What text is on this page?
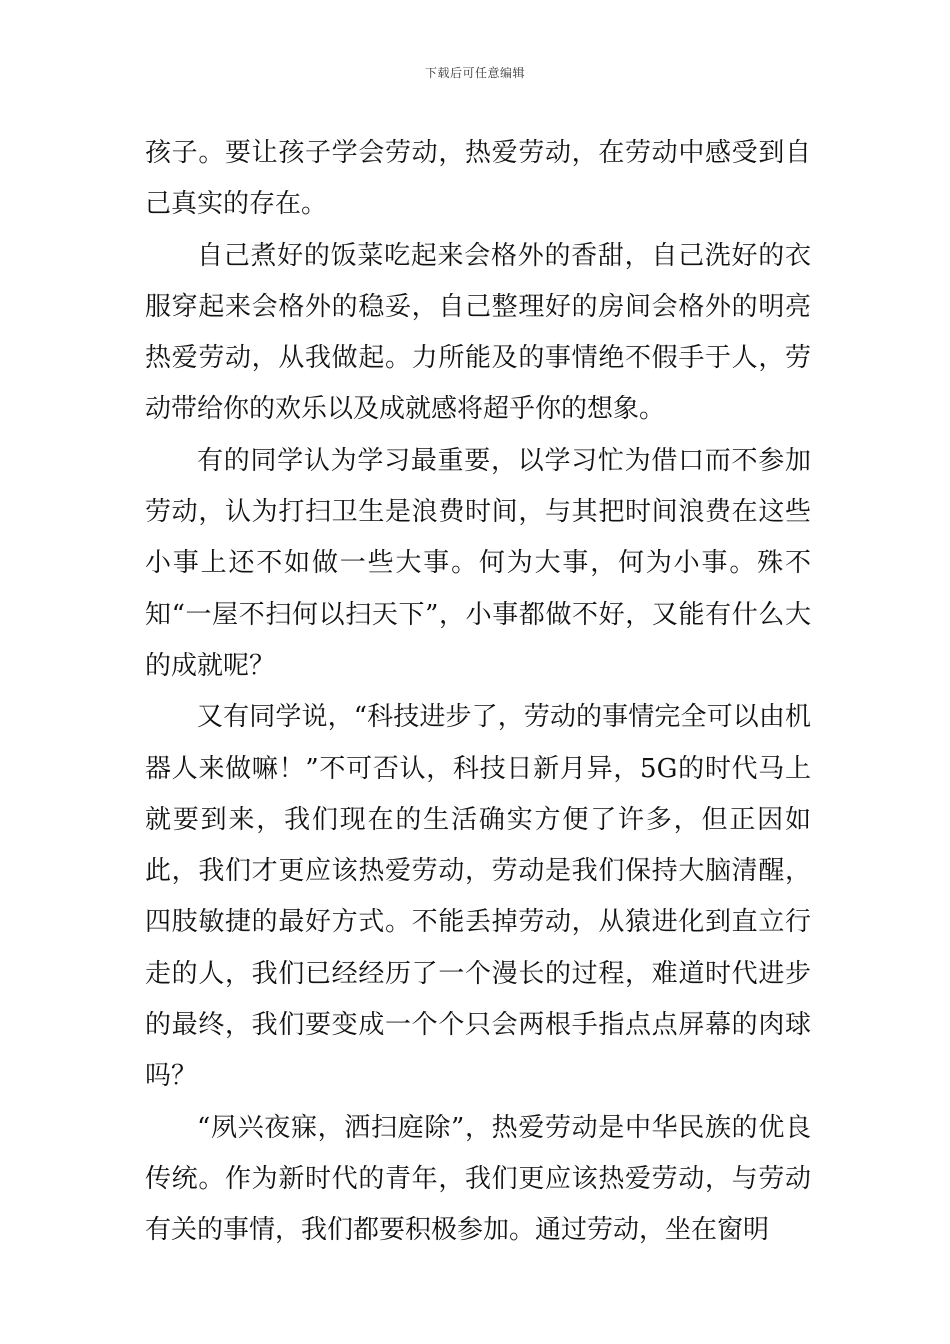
下载后可任意编辑

孩子。要让孩子学会劳动，热爱劳动，在劳动中感受到自己真实的存在。

自己煮好的饭菜吃起来会格外的香甜，自己洗好的衣服穿起来会格外的稳妥，自己整理好的房间会格外的明亮热爱劳动，从我做起。力所能及的事情绝不假手于人，劳动带给你的欢乐以及成就感将超乎你的想象。

有的同学认为学习最重要，以学习忙为借口而不参加劳动，认为打扫卫生是浪费时间，与其把时间浪费在这些小事上还不如做一些大事。何为大事，何为小事。殊不知“一屋不扫何以扫天下”，小事都做不好，又能有什么大的成就呢？

又有同学说，“科技进步了，劳动的事情完全可以由机器人来做嘛！”不可否认，科技日新月异，5G的时代马上就要到来，我们现在的生活确实方便了许多，但正因如此，我们才更应该热爱劳动，劳动是我们保持大脑清醒，四肢敏捷的最好方式。不能丢掉劳动，从猿进化到直立行走的人，我们已经经历了一个漫长的过程，难道时代进步的最终，我们要变成一个个只会两根手指点点屏幕的肉球吗？

“夙兴夜寐，洒扫庭除”，热爱劳动是中华民族的优良传统。作为新时代的青年，我们更应该热爱劳动，与劳动有关的事情，我们都要积极参加。通过劳动，坐在窗明
